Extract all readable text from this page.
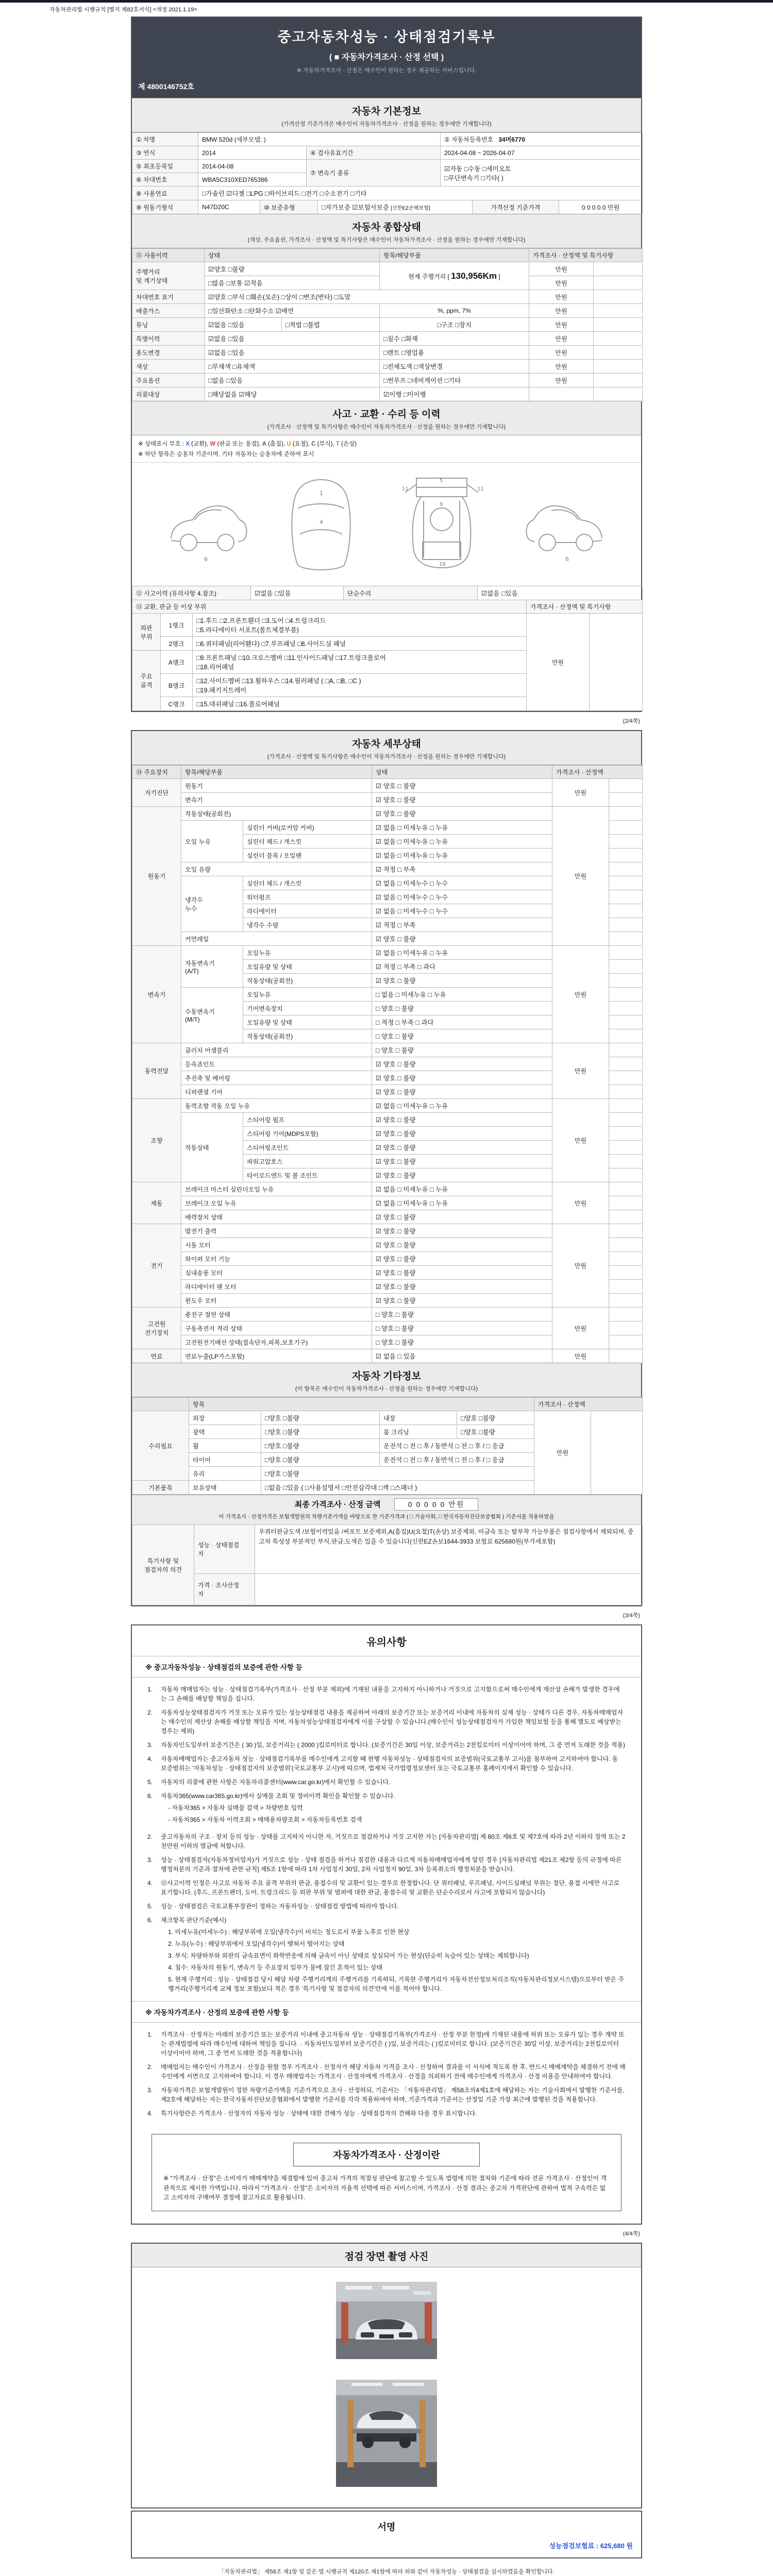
자동차관리법 시행규칙 [별지 제82호서식] <개정 2021.1.19>
중고자동차성능 · 상태점검기록부
( ■ 자동차가격조사 · 산정 선택 )
※ 자동차가격조사 · 산정은 매수인이 원하는 경우 제공하는 서비스입니다.
제 4800146752호
자동차 기본정보
(가격산정 기준가격은 매수인이 자동차가격조사 · 산정을 원하는 경우에만 기재합니다)
① 차명	BMW 520d (세부모델: )		② 자동차등록번호 34머6770
③ 연식	2014	④ 검사유효기간	2024-04-08 ~ 2026-04-07
⑤ 최초등록일	2014-04-08	⑦ 변속기 종류	☑자동 □수동 □세미오토
□무단변속기 □기타( )
⑥ 차대번호	WBA5C310XED765386		
⑧ 사용연료	□가솔린 ☑디젤 □LPG □하이브리드 □전기 □수소전기 □기타
⑨ 원동기형식	N47D20C	⑩ 보증유형	□자가보증 ☑보험사보증 [신한EZ손해보험]	가격산정 기준가격	0 0 0 0 0 만원
자동차 종합상태
(색상, 주요옵션, 가격조사 · 산정액 및 특기사항은 매수인이 자동차가격조사 · 산정을 원하는 경우에만 기재합니다)
⑪ 사용이력	상태		항목/해당부품	가격조사 · 산정액 및 특기사항	
주행거리
및 계기상태	☑양호 □불량		현재 주행거리 [ 130,956Km ]	만원	
	□많음 □보통 ☑적음			만원	
차대번호 표기	☑양호 □부식 □훼손(오손) □상이 □변조(변타) □도말			만원	
배출가스	□일산화탄소 □탄화수소 ☑매연		%, ppm, 7%	만원	
튜닝	☑없음 □있음	□적법 □불법	□구조 □장치	만원	
특별이력	☑없음 □있음		□침수 □화재	만원	
용도변경	☑없음 □있음		□렌트 □영업용	만원	
색상	□무채색 □유채색		□전체도색 □색상변경	만원	
주요옵션	□없음 □있음		□썬루프 □네비게이션 □기타	만원	
리콜대상	□해당없음 ☑해당		☑이행 □미이행		
사고 · 교환 · 수리 등 이력
(가격조사 · 산정액 및 특기사항은 매수인이 자동차가격조사 · 산정을 원하는 경우에만 기재합니다)
※ 상태표시 부호 : X (교환), W (판금 또는 용접), A (흠집), U (요철), C (부식), T (손상)
※ 하단 항목은 승용차 기준이며, 기타 자동차는 승용차에 준하여 표시
6
1
4
11	11
5
9
18
6
⑫ 사고이력 (유의사항 4.참조)	☑없음 □있음	단순수리	☑없음 □있음
⑬ 교환, 판금 등 이상 부위			가격조사 · 산정액 및 특기사항	
외판
부위	1랭크	□1.후드 □2.프론트휀더 □3.도어 □4.트렁크리드
□5.라디에이터 서포트(볼트체결부품)	만원	
	2랭크	□6.쿼터패널(리어휀다) □7.루프패널 □8.사이드실 패널		
주요
골격	A랭크	□9.프론트패널 □10.크로스멤버 □11.인사이드패널 □17.트렁크플로어
□18.리어패널		
	B랭크	□12.사이드멤버 □13.휠하우스 □14.필러패널 ( □A, □B, □C )
□19.패키지트레이		
	C랭크	□15.대쉬패널 □16.플로어패널		
(2/4쪽)
자동차 세부상태
(가격조사 · 산정액 및 특기사항은 매수인이 자동차가격조사 · 산정을 원하는 경우에만 기재합니다)
⑭ 주요장치	항목/해당부품		상태	가격조사 · 산정액	
자기진단	원동기		☑ 양호 □ 불량	만원	
	변속기		☑ 양호 □ 불량		
원동기	작동상태(공회전)		☑ 양호 □ 불량	만원	
	오일 누유	실린더 커버(로커암 커버)	☑ 없음 □ 미세누유 □ 누유		
		실린더 헤드 / 개스킷	☑ 없음 □ 미세누유 □ 누유		
		실린더 블록 / 오일팬	☑ 없음 □ 미세누유 □ 누유		
	오일 유량		☑ 적정 □ 부족		
	냉각수
누수	실린더 헤드 / 개스킷	☑ 없음 □ 미세누수 □ 누수		
		워터펌프	☑ 없음 □ 미세누수 □ 누수		
		라디에이터	☑ 없음 □ 미세누수 □ 누수		
		냉각수 수량	☑ 적정 □ 부족		
	커먼레일		☑ 양호 □ 불량		
변속기	자동변속기
(A/T)	오일누유	☑ 없음 □ 미세누유 □ 누유	만원	
		오일유량 및 상태	☑ 적정 □ 부족 □ 과다		
		작동상태(공회전)	☑ 양호 □ 불량		
	수동변속기
(M/T)	오일누유	□ 없음 □ 미세누유 □ 누유		
		기어변속장치	□ 양호 □ 불량		
		오일유량 및 상태	□ 적정 □ 부족 □ 과다		
		작동상태(공회전)	□ 양호 □ 불량		
동력전달	클러치 어셈블리		□ 양호 □ 불량	만원	
	등속죠인트		☑ 양호 □ 불량		
	추진축 및 베어링		☑ 양호 □ 불량		
	디퍼렌셜 기어		☑ 양호 □ 불량		
조향	동력조향 작동 오일 누유		☑ 없음 □ 미세누유 □ 누유	만원	
	작동상태	스티어링 펌프	☑ 양호 □ 불량		
		스티어링 기어(MDPS포함)	☑ 양호 □ 불량		
		스티어링조인트	☑ 양호 □ 불량		
		파워고압호스	☑ 양호 □ 불량		
		타이로드엔드 및 볼 조인트	☑ 양호 □ 불량		
제동	브레이크 마스터 실린더오일 누유		☑ 없음 □ 미세누유 □ 누유	만원	
	브레이크 오일 누유		☑ 없음 □ 미세누유 □ 누유		
	배력장치 상태		☑ 양호 □ 불량		
전기	발전기 출력		☑ 양호 □ 불량	만원	
	시동 모터		☑ 양호 □ 불량		
	와이퍼 모터 기능		☑ 양호 □ 불량		
	실내송풍 모터		☑ 양호 □ 불량		
	라디에이터 팬 모터		☑ 양호 □ 불량		
	윈도우 모터		☑ 양호 □ 불량		
고전원
전기장치	충전구 절연 상태		□ 양호 □ 불량	만원	
	구동축전지 격리 상태		□ 양호 □ 불량		
	고전원전기배선 상태(접속단자,피복,보호기구)		□ 양호 □ 불량		
연료	연료누출(LP가스포함)		☑ 없음 □ 있음	만원	
자동차 기타정보
(이 항목은 매수인이 자동차가격조사 · 산정을 원하는 경우에만 기재합니다)
	항목				가격조사 · 산정액	
수리필요	외장	□양호 □불량	내장	□양호 □불량	만원	
	광택	□양호 □불량	룸 크리닝	□양호 □불량		
	휠	□양호 □불량	운전석 □ 전 □ 후 / 동반석 □ 전 □ 후 / □ 응급			
	타이어	□양호 □불량	운전석 □ 전 □ 후 / 동반석 □ 전 □ 후 / □ 응급			
	유리	□양호 □불량				
기본품목	보유상태	□없음 □있음 ( □사용설명서 □안전삼각대 □잭 □스패너 )				
최종 가격조사 · 산정 금액	0 0 0 0 0 만원
이 가격조사 · 산정가격은 보험개발원의 차량기준가액을 바탕으로 한 기준가격과 ( □ 기술사회, □ 한국자동차진단보증협회 ) 기준서를 적용하였음
특기사항 및
점검자의 의견	성능 · 상태점검
자	우쿼터판금도색 /보험이력있음 /써포트 보증제외,A(흠집)U(요철)T(손상) 보증제외, 비금속 또는 탈부착 가능부품은 점검사항에서 제외되며, 중고차 특성상 부분적인 부식,판금,도색은 있을 수 있습니다(신한EZ손보1644-3933 보험료 625680원(부가세포함)
	가격 · 조사산정
자	
(3/4쪽)
유의사항
※ 중고자동차성능 · 상태점검의 보증에 관한 사항 등
1.	자동차 매매업자는 성능 · 상태점검기록부(가격조사 · 산정 부분 제외)에 기재된 내용을 고지하지 아니하거나 거짓으로 고지함으로써 매수인에게 재산상 손해가 발생한 경우에는 그 손해를 배상할 책임을 집니다.
2.	자동차성능상태점검자가 거짓 또는 오류가 있는 성능상태점검 내용을 제공하여 아래의 보증기간 또는 보증거리 이내에 자동차의 실제 성능 · 상태가 다른 경우, 자동차매매업자는 매수인의 재산상 손해를 배상할 책임을 지며, 자동차성능상태점검자에게 이를 구상할 수 있습니다.(매수인이 성능상태점검자가 가입한 책임보험 등을 통해 별도로 배상받는 경우는 제외)
3.	자동차인도일부터 보증기간은 ( 30 )일, 보증거리는 ( 2000 )킬로미터로 합니다. (보증기간은 30일 이상, 보증거리는 2천킬로미터 이상이어야 하며, 그 중 먼저 도래한 것을 적용)
4.	자동차매매업자는 중고자동차 성능 · 상태점검기록부를 매수인에게 고지할 때 현행 자동차성능 · 상태점검자의 보증범위(국토교통부 고시)를 첨부하여 고지하여야 합니다. 동 보증범위는 '자동차성능 · 상태점검자의 보증범위'(국토교통부 고시)에 따르며, 법제처 국가법령정보센터 또는 국토교통부 홈페이지에서 확인할 수 있습니다.
5.	자동차의 리콜에 관한 사항은 자동차리콜센터(www.car.go.kr)에서 확인할 수 있습니다.
6.	자동차365(www.car365.go.kr)에서 실매물 조회 및 정비이력 확인을 확인할 수 있습니다.
- 자동차365 > 자동차 실매물 검색 > 차량번호 입력
- 자동차365 > 자동차 이력조회 > 매매용차량조회 > 자동차등록번호 검색
2.	중고자동차의 구조 · 장치 등의 성능 · 상태를 고지하지 아니한 자, 거짓으로 점검하거나 거짓 고지한 자는 [자동차관리법] 제 80조 제6호 및 제7호에 따라 2년 이하의 징역 또는 2천만원 이하의 벌금에 처합니다.
3.	성능 · 상태점검자(자동차정비업자)가 거짓으로 성능 · 상태 점검을 하거나 점검한 내용과 다르게 자동차매매업자에게 알린 경우 [자동차관리법 제21조 제2항 등의 규정에 따른 행정처분의 기준과 절차에 관한 규칙] 제5조 1항에 따라 1차 사업정지 30일, 2차 사업정지 90일, 3차 등록취소의 행정처분을 받습니다.
4.	⑫사고이력 인정은 사고로 자동차 주요 골격 부위의 판금, 용접수리 및 교환이 있는 경우로 한정합니다. 단 쿼터패널, 루프패널, 사이드실패널 부위는 절단, 용접 시에만 사고로 표기합니다. (후드, 프론트펜더, 도어, 트렁크리드 등 외판 부위 및 범퍼에 대한 판금, 용접수리 및 교환은 단순수리로서 사고에 포함되지 않습니다)
5.	성능 · 상태점검은 국토교통부장관이 정하는 자동차성능 · 상태점검 방법에 따라야 합니다.
6.	체크항목 판단기준(예시)
1. 미세누유(미세누수) : 해당부위에 오일(냉각수)이 비치는 정도로서 부품 노후로 인한 현상
2. 누유(누수) : 해당부위에서 오일(냉각수)이 맺혀서 떨어지는 상태
3. 부식: 차량하부와 외판의 금속표면이 화학반응에 의해 금속이 아닌 상태로 상실되어 가는 현상(단순히 녹슬어 있는 상태는 제외합니다)
4. 침수: 자동차의 원동기, 변속기 등 주요장치 일부가 물에 잠긴 흔적이 있는 상태
5. 현재 주행거리 : 성능 · 상태점검 당시 해당 차량 주행거리계의 주행거리를 기록하되, 기록한 주행거리가 자동차전산정보처리조직(자동차관리정보시스템)으로부터 받은 주행거리(주행거리계 교체 정보 포함)보다 적은 경우 '특기사항 및 점검자의 의견'란에 이를 적어야 합니다.
※ 자동차가격조사 · 산정의 보증에 관한 사항 등
1.	가격조사 · 산정자는 아래의 보증기간 또는 보증거리 이내에 중고자동차 성능 · 상태점검기록부(가격조사 · 산정 부분 한정)에 기재된 내용에 허위 또는 오류가 있는 경우 계약 또는 관계법령에 따라 매수인에 대하여 책임을 집니다. · 자동차인도일부터 보증기간은 ( )일, 보증거리는 ( )킬로미터로 합니다. (보증기간은 30일 이상, 보증거리는 2천킬로미터 이상이어야 하며, 그 중 먼저 도래한 것을 적용합니다)
2.	매매업자는 매수인이 가격조사 · 산정을 원할 경우 가격조사 · 산정자가 해당 자동차 가격을 조사 · 산정하여 결과를 이 서식에 적도록 한 후, 반드시 매매계약을 체결하기 전에 매수인에게 서면으로 고지하여야 합니다. 이 경우 매매업자는 가격조사 · 산정자에게 가격조사 · 산정을 의뢰하기 전에 매수인에게 가격조사 · 산정 비용을 안내하여야 합니다.
3.	자동차가격은 보험개발원이 정한 차량기준가액을 기준가격으로 조사 · 산정하되, 기준서는 「자동차관리법」 제58조의4제1호에 해당하는 자는 기술사회에서 발행한 기준서를, 제2호에 해당하는 자는 한국자동차진단보증협회에서 발행한 기준서를 각각 적용하여야 하며, 기준가격과 기준서는 산정일 기준 가장 최근에 발행된 것을 적용합니다.
4.	특기사항란은 가격조사 · 산정자의 자동차 성능 · 상태에 대한 견해가 성능 · 상태점검자의 견해와 다를 경우 표시합니다.
자동차가격조사 · 산정이란
※ "가격조사 · 산정"은 소비자가 매매계약을 체결함에 있어 중고차 가격의 적절성 판단에 참고할 수 있도록 법령에 의한 절차와 기준에 따라 전문 가격조사 · 산정인이 객관적으로 제시한 가액입니다. 따라서 "가격조사 · 산정"은 소비자의 자율적 선택에 따른 서비스이며, 가격조사 · 산정 결과는 중고차 가격판단에 관하여 법적 구속력은 없고 소비자의 구매여부 결정에 참고자료로 활용됩니다.
(4/4쪽)
점검 장면 촬영 사진
서명
성능점검보험료 : 625,680 원
「자동차관리법」 제58조 제1항 및 같은 법 시행규칙 제120조 제1항에 따라 위와 같이 자동차성능 · 상태점검을 실시하였음을 확인합니다.
